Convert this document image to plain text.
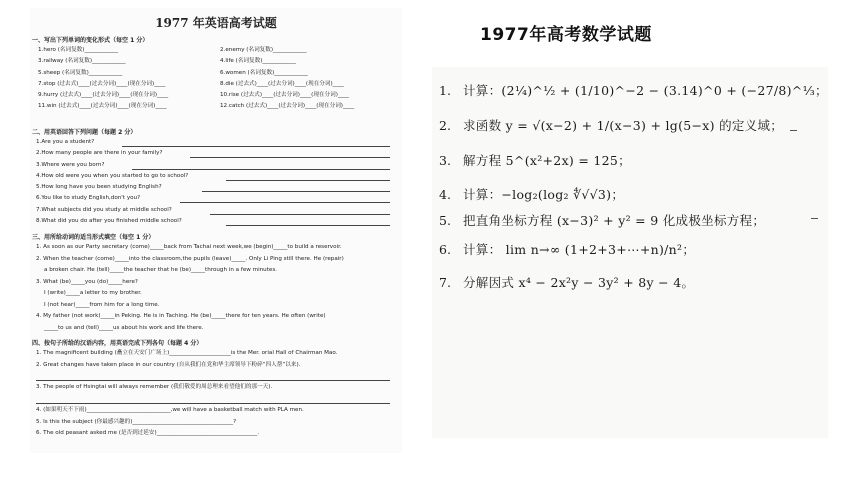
1977 年英语高考试题
一、写出下列单词的变化形式（每空 1 分）
1.hero (名词复数)____________	2.enemy (名词复数)____________
3.railway (名词复数)____________	4.life (名词复数)____________
5.sheep (名词复数)____________	6.women (名词复数)____________
7.stop (过去式)____(过去分词)____(现在分词)____	8.die (过去式)____(过去分词)____(现在分词)____
9.hurry (过去式)____(过去分词)____(现在分词)____	10.rise (过去式)____(过去分词)____(现在分词)____
11.win (过去式)____(过去分词)____(现在分词)____	12.catch (过去式)____(过去分词)____(现在分词)____
二、用英语回答下列问题（每题 2 分）
1.Are you a student?
2.How many people are there in your family?
3.Where were you born?
4.How old were you when you started to go to school?
5.How long have you been studying English?
6.You like to study English,don't you?
7.What subjects did you study at middle school?
8.What did you do after you finished middle school?
三、用所给动词的适当形式填空（每空 1 分）
1. As soon as our Party secretary (come)_____back from Tachai next week,we (begin)_____to build a reservoir.
2. When the teacher (come)_____into the classroom,the pupils (leave)_____. Only Li Ping still there. He (repair)
a broken chair. He (tell)_____the teacher that he (be)_____through in a few minutes.
3. What (be)_____you (do)_____here?
I (write)_____a letter to my brother.
I (not hear)_____from him for a long time.
4. My father (not work)_____in Peking. He is in Taching. He (be)_____there for ten years. He often (write)
_____to us and (tell)_____us about his work and life there.
四、按句子所给的汉语内容，用英语完成下列各句（每题 4 分）
1. The magnificent building (矗立在天安门广场上)______________________is the Mer. orial Hall of Chairman Mao.
2. Great changes have taken place in our country (自从我们在党和华主席领导下粉碎“四人帮”以来).
3. The people of Hsingtai will always remember (我们敬爱的周总理来看望他们的那一天).
4. (如果明天不下雨)______________________________,we will have a basketball match with PLA men.
5. Is this the subject (你最感兴趣的)____________________________________?
6. The old peasant asked me (是否到过延安)____________________________________.
1977年高考数学试题
1. 计算：(2¼)^½ + (1/10)^−2 − (3.14)^0 + (−27/8)^⅓；
2. 求函数 y = √(x−2) + 1/(x−3) + lg(5−x) 的定义域；
3. 解方程 5^(x²+2x) = 125；
4. 计算：−log₂(log₂ ∜√√3)；
5. 把直角坐标方程 (x−3)² + y² = 9 化成极坐标方程；
6. 计算： lim n→∞ (1+2+3+⋯+n)/n²；
7. 分解因式 x⁴ − 2x²y − 3y² + 8y − 4。
